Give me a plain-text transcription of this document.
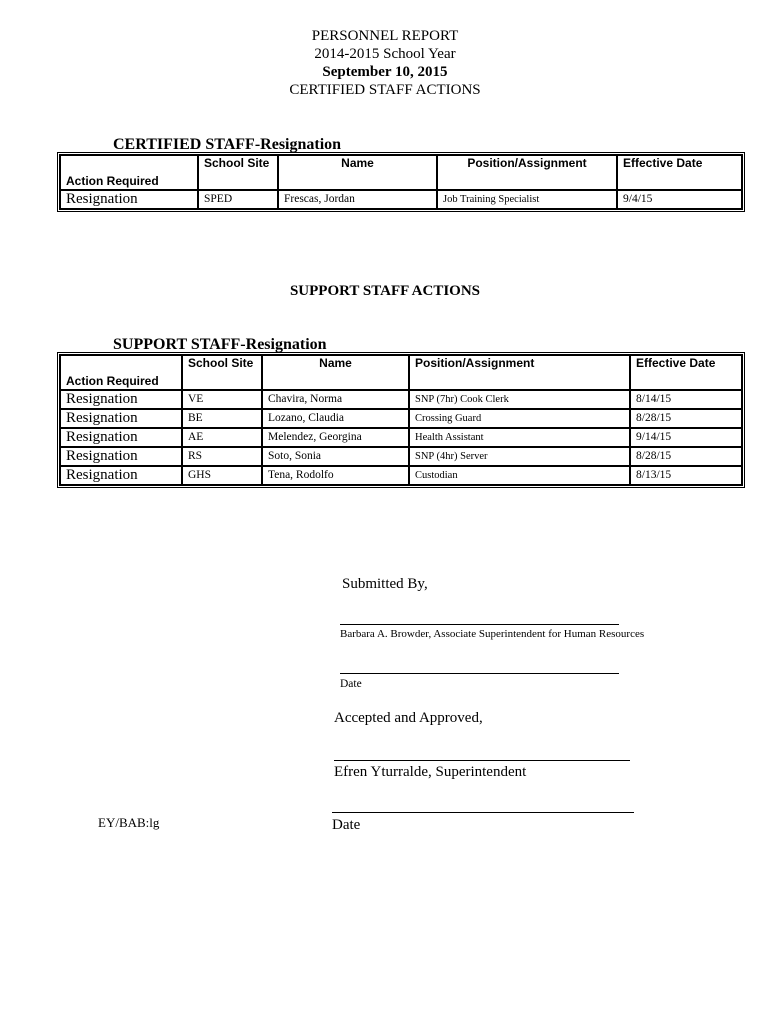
PERSONNEL REPORT
2014-2015 School Year
September 10, 2015
CERTIFIED STAFF ACTIONS
CERTIFIED STAFF-Resignation
Action Required	School Site	Name	Position/Assignment	Effective Date
Resignation	SPED	Frescas, Jordan	Job Training Specialist	9/4/15
SUPPORT STAFF ACTIONS
SUPPORT STAFF-Resignation
Action Required	School Site	Name	Position/Assignment	Effective Date
Resignation	VE	Chavira, Norma	SNP (7hr) Cook Clerk	8/14/15
Resignation	BE	Lozano, Claudia	Crossing Guard	8/28/15
Resignation	AE	Melendez, Georgina	Health Assistant	9/14/15
Resignation	RS	Soto, Sonia	SNP (4hr) Server	8/28/15
Resignation	GHS	Tena, Rodolfo	Custodian	8/13/15
Submitted By,
Barbara A. Browder, Associate Superintendent for Human Resources
Date
Accepted and Approved,
Efren Yturralde, Superintendent
Date
EY/BAB:lg
